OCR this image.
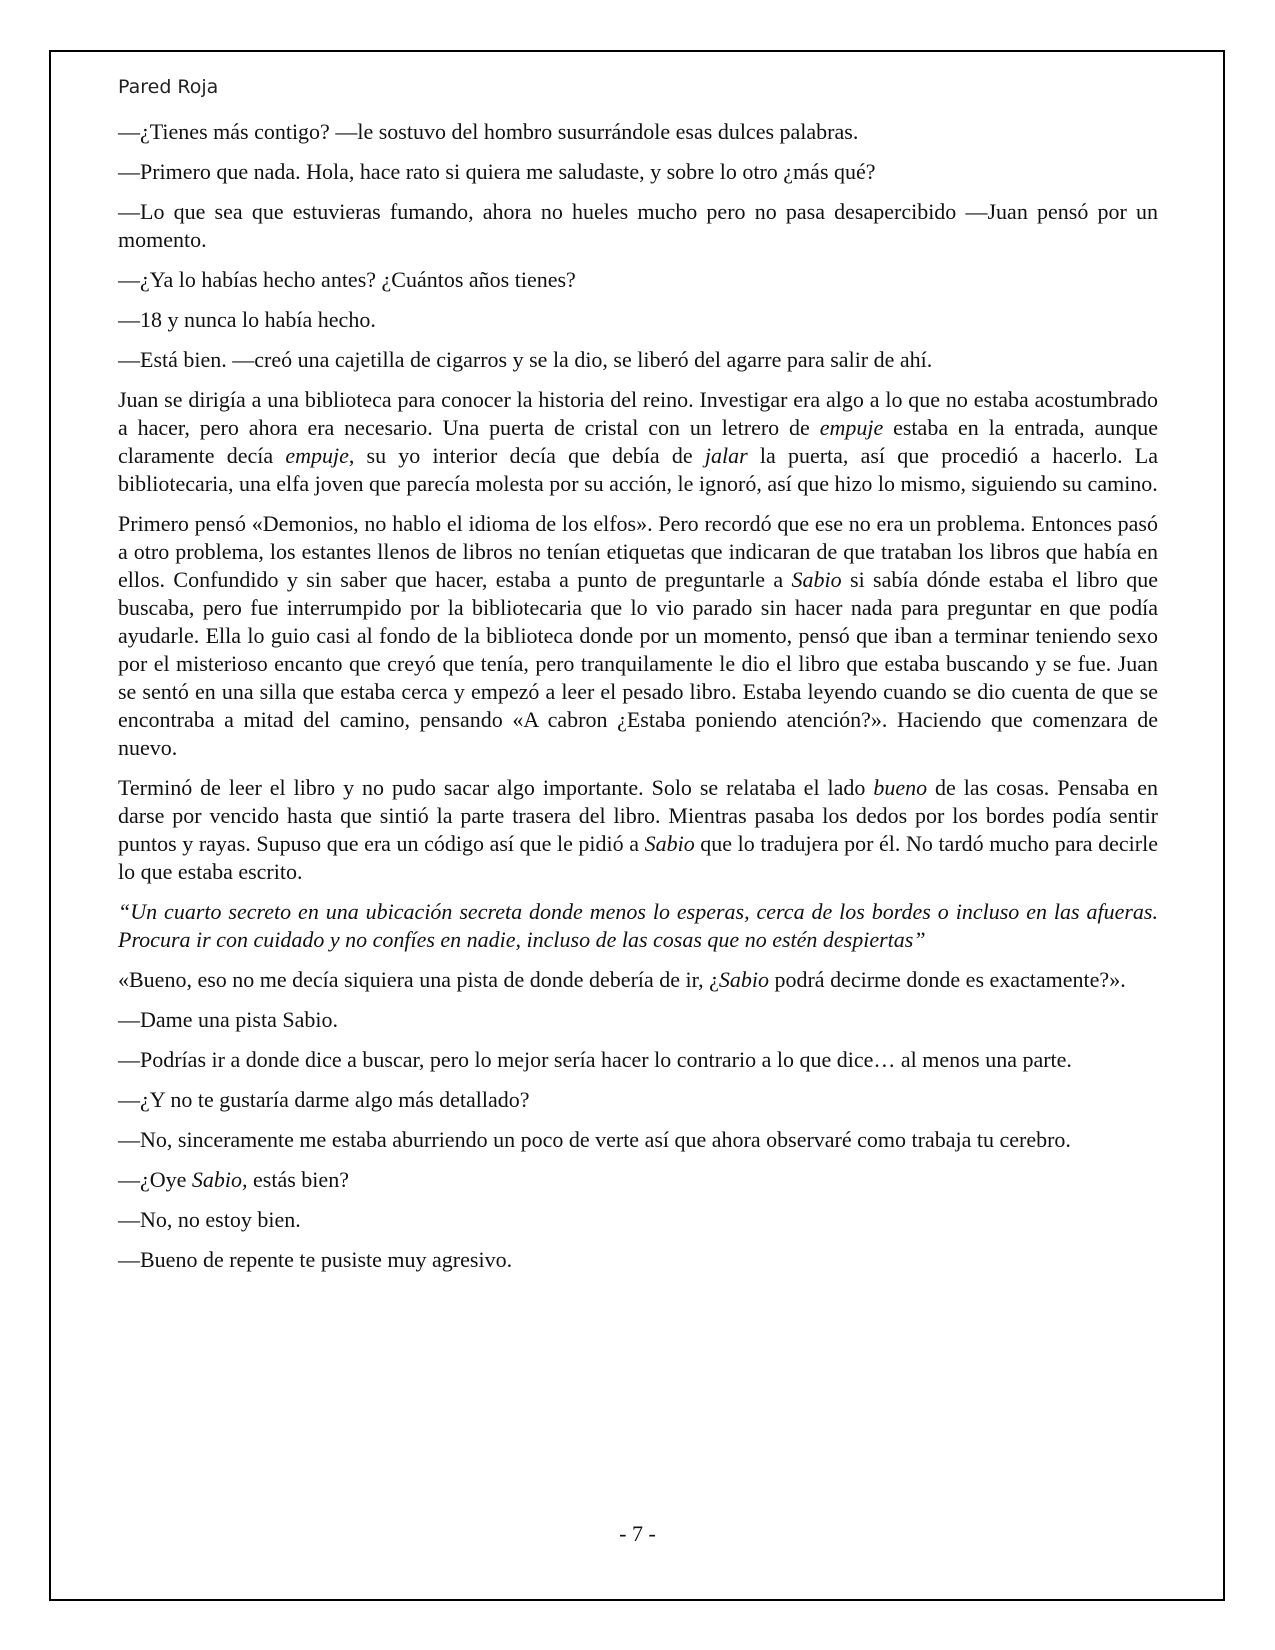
Pared Roja

—¿Tienes más contigo? —le sostuvo del hombro susurrándole esas dulces palabras.

—Primero que nada. Hola, hace rato si quiera me saludaste, y sobre lo otro ¿más qué?

—Lo que sea que estuvieras fumando, ahora no hueles mucho pero no pasa desapercibido —Juan pensó por un momento.

—¿Ya lo habías hecho antes? ¿Cuántos años tienes?

—18 y nunca lo había hecho.

—Está bien. —creó una cajetilla de cigarros y se la dio, se liberó del agarre para salir de ahí.

Juan se dirigía a una biblioteca para conocer la historia del reino. Investigar era algo a lo que no estaba acostumbrado a hacer, pero ahora era necesario. Una puerta de cristal con un letrero de empuje estaba en la entrada, aunque claramente decía empuje, su yo interior decía que debía de jalar la puerta, así que procedió a hacerlo. La bibliotecaria, una elfa joven que parecía molesta por su acción, le ignoró, así que hizo lo mismo, siguiendo su camino.

Primero pensó «Demonios, no hablo el idioma de los elfos». Pero recordó que ese no era un problema. Entonces pasó a otro problema, los estantes llenos de libros no tenían etiquetas que indicaran de que trataban los libros que había en ellos. Confundido y sin saber que hacer, estaba a punto de preguntarle a Sabio si sabía dónde estaba el libro que buscaba, pero fue interrumpido por la bibliotecaria que lo vio parado sin hacer nada para preguntar en que podía ayudarle. Ella lo guio casi al fondo de la biblioteca donde por un momento, pensó que iban a terminar teniendo sexo por el misterioso encanto que creyó que tenía, pero tranquilamente le dio el libro que estaba buscando y se fue. Juan se sentó en una silla que estaba cerca y empezó a leer el pesado libro. Estaba leyendo cuando se dio cuenta de que se encontraba a mitad del camino, pensando «A cabron ¿Estaba poniendo atención?». Haciendo que comenzara de nuevo.

Terminó de leer el libro y no pudo sacar algo importante. Solo se relataba el lado bueno de las cosas. Pensaba en darse por vencido hasta que sintió la parte trasera del libro. Mientras pasaba los dedos por los bordes podía sentir puntos y rayas. Supuso que era un código así que le pidió a Sabio que lo tradujera por él. No tardó mucho para decirle lo que estaba escrito.

“Un cuarto secreto en una ubicación secreta donde menos lo esperas, cerca de los bordes o incluso en las afueras. Procura ir con cuidado y no confíes en nadie, incluso de las cosas que no estén despiertas”

«Bueno, eso no me decía siquiera una pista de donde debería de ir, ¿Sabio podrá decirme donde es exactamente?».

—Dame una pista Sabio.

—Podrías ir a donde dice a buscar, pero lo mejor sería hacer lo contrario a lo que dice… al menos una parte.

—¿Y no te gustaría darme algo más detallado?

—No, sinceramente me estaba aburriendo un poco de verte así que ahora observaré como trabaja tu cerebro.

—¿Oye Sabio, estás bien?

—No, no estoy bien.

—Bueno de repente te pusiste muy agresivo.

- 7 -
